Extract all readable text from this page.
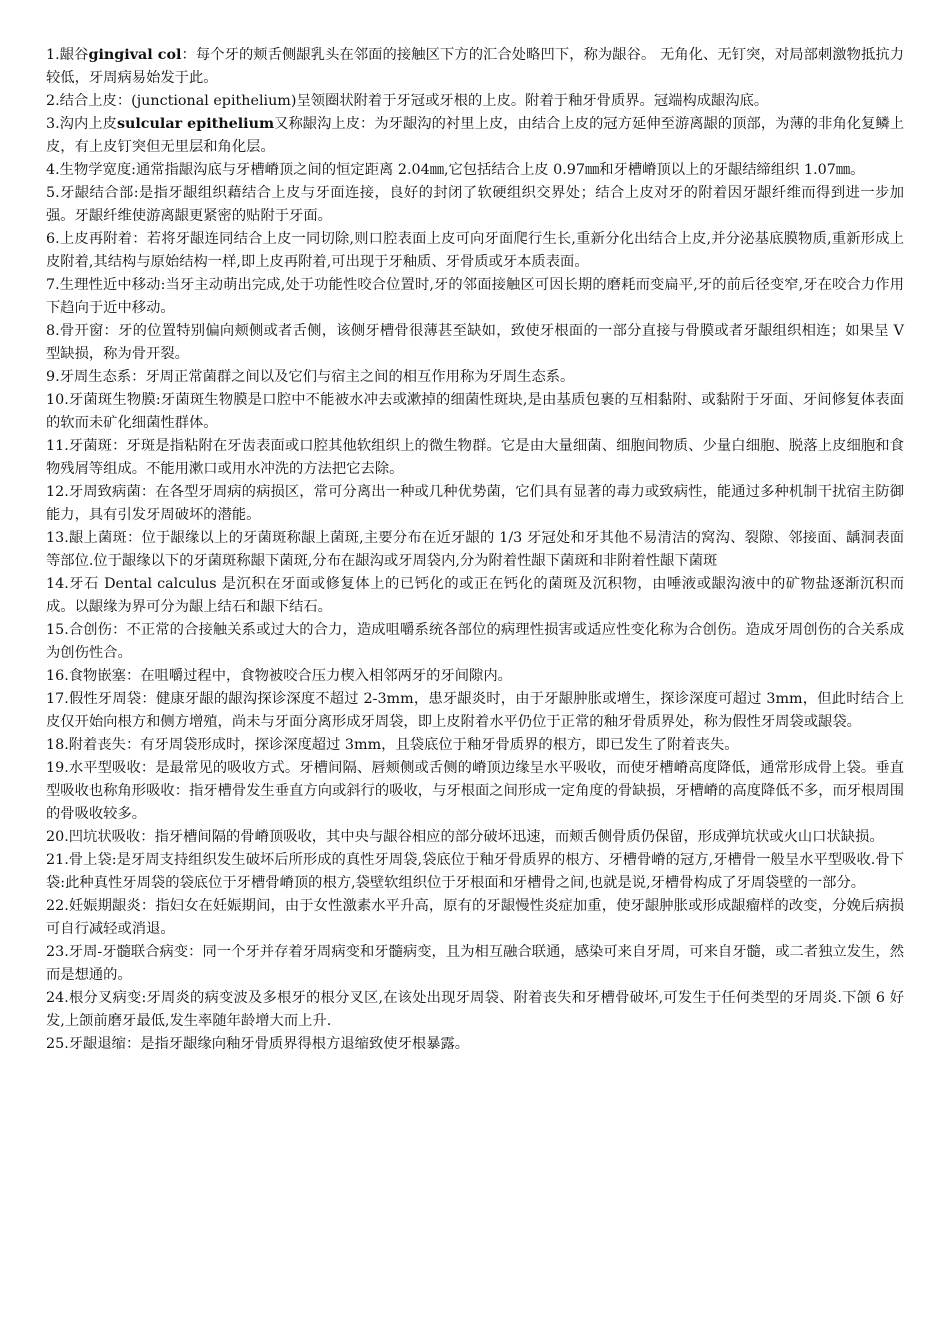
1.龈谷gingival col：每个牙的颊舌侧龈乳头在邻面的接触区下方的汇合处略凹下，称为龈谷。 无角化、无钉突，对局部刺激物抵抗力较低，牙周病易始发于此。

2.结合上皮：(junctional epithelium)呈领圈状附着于牙冠或牙根的上皮。附着于釉牙骨质界。冠端构成龈沟底。

3.沟内上皮sulcular epithelium又称龈沟上皮：为牙龈沟的衬里上皮，由结合上皮的冠方延伸至游离龈的顶部，为薄的非角化复鳞上皮，有上皮钉突但无里层和角化层。

4.生物学宽度:通常指龈沟底与牙槽嵴顶之间的恒定距离 2.04㎜,它包括结合上皮 0.97㎜和牙槽嵴顶以上的牙龈结缔组织 1.07㎜。

5.牙龈结合部:是指牙龈组织藉结合上皮与牙面连接，良好的封闭了软硬组织交界处；结合上皮对牙的附着因牙龈纤维而得到进一步加强。牙龈纤维使游离龈更紧密的贴附于牙面。

6.上皮再附着：若将牙龈连同结合上皮一同切除,则口腔表面上皮可向牙面爬行生长,重新分化出结合上皮,并分泌基底膜物质,重新形成上皮附着,其结构与原始结构一样,即上皮再附着,可出现于牙釉质、牙骨质或牙本质表面。

7.生理性近中移动:当牙主动萌出完成,处于功能性咬合位置时,牙的邻面接触区可因长期的磨耗而变扁平,牙的前后径变窄,牙在咬合力作用下趋向于近中移动。

8.骨开窗：牙的位置特别偏向颊侧或者舌侧，该侧牙槽骨很薄甚至缺如，致使牙根面的一部分直接与骨膜或者牙龈组织相连；如果呈 V 型缺损，称为骨开裂。

9.牙周生态系：牙周正常菌群之间以及它们与宿主之间的相互作用称为牙周生态系。

10.牙菌斑生物膜:牙菌斑生物膜是口腔中不能被水冲去或漱掉的细菌性斑块,是由基质包裹的互相黏附、或黏附于牙面、牙间修复体表面的软而未矿化细菌性群体。

11.牙菌斑：牙斑是指粘附在牙齿表面或口腔其他软组织上的微生物群。它是由大量细菌、细胞间物质、少量白细胞、脱落上皮细胞和食物残屑等组成。不能用漱口或用水冲洗的方法把它去除。

12.牙周致病菌：在各型牙周病的病损区，常可分离出一种或几种优势菌，它们具有显著的毒力或致病性，能通过多种机制干扰宿主防御能力，具有引发牙周破坏的潜能。

13.龈上菌斑：位于龈缘以上的牙菌斑称龈上菌斑,主要分布在近牙龈的 1/3 牙冠处和牙其他不易清洁的窝沟、裂隙、邻接面、龋洞表面等部位.位于龈缘以下的牙菌斑称龈下菌斑,分布在龈沟或牙周袋内,分为附着性龈下菌斑和非附着性龈下菌斑

14.牙石 Dental calculus 是沉积在牙面或修复体上的已钙化的或正在钙化的菌斑及沉积物，由唾液或龈沟液中的矿物盐逐渐沉积而成。以龈缘为界可分为龈上结石和龈下结石。

15.合创伤：不正常的合接触关系或过大的合力，造成咀嚼系统各部位的病理性损害或适应性变化称为合创伤。造成牙周创伤的合关系成为创伤性合。

16.食物嵌塞：在咀嚼过程中，食物被咬合压力楔入相邻两牙的牙间隙内。

17.假性牙周袋：健康牙龈的龈沟探诊深度不超过 2-3mm，患牙龈炎时，由于牙龈肿胀或增生，探诊深度可超过 3mm，但此时结合上皮仅开始向根方和侧方增殖，尚未与牙面分离形成牙周袋，即上皮附着水平仍位于正常的釉牙骨质界处，称为假性牙周袋或龈袋。

18.附着丧失：有牙周袋形成时，探诊深度超过 3mm，且袋底位于釉牙骨质界的根方，即已发生了附着丧失。

19.水平型吸收：是最常见的吸收方式。牙槽间隔、唇颊侧或舌侧的嵴顶边缘呈水平吸收，而使牙槽嵴高度降低，通常形成骨上袋。垂直型吸收也称角形吸收：指牙槽骨发生垂直方向或斜行的吸收，与牙根面之间形成一定角度的骨缺损，牙槽嵴的高度降低不多，而牙根周围的骨吸收较多。

20.凹坑状吸收：指牙槽间隔的骨嵴顶吸收，其中央与龈谷相应的部分破坏迅速，而颊舌侧骨质仍保留，形成弹坑状或火山口状缺损。

21.骨上袋:是牙周支持组织发生破坏后所形成的真性牙周袋,袋底位于釉牙骨质界的根方、牙槽骨嵴的冠方,牙槽骨一般呈水平型吸收.骨下袋:此种真性牙周袋的袋底位于牙槽骨嵴顶的根方,袋壁软组织位于牙根面和牙槽骨之间,也就是说,牙槽骨构成了牙周袋壁的一部分。

22.妊娠期龈炎：指妇女在妊娠期间，由于女性激素水平升高，原有的牙龈慢性炎症加重，使牙龈肿胀或形成龈瘤样的改变，分娩后病损可自行减轻或消退。

23.牙周-牙髓联合病变：同一个牙并存着牙周病变和牙髓病变，且为相互融合联通，感染可来自牙周，可来自牙髓，或二者独立发生，然而是想通的。

24.根分叉病变:牙周炎的病变波及多根牙的根分叉区,在该处出现牙周袋、附着丧失和牙槽骨破坏,可发生于任何类型的牙周炎.下颌 6 好发,上颌前磨牙最低,发生率随年龄增大而上升.

25.牙龈退缩：是指牙龈缘向釉牙骨质界得根方退缩致使牙根暴露。
